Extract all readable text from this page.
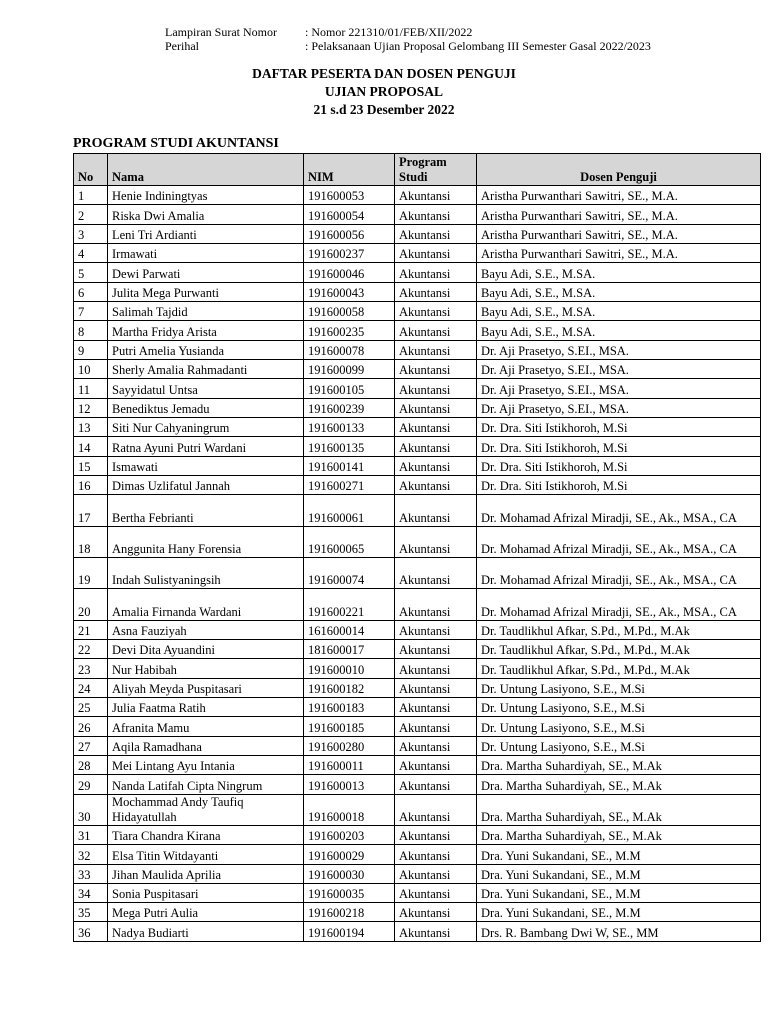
Lampiran Surat Nomor	: Nomor 221310/01/FEB/XII/2022
Perihal	: Pelaksanaan Ujian Proposal Gelombang III Semester Gasal 2022/2023
DAFTAR PESERTA DAN DOSEN PENGUJI
UJIAN PROPOSAL
21 s.d 23 Desember 2022
PROGRAM STUDI AKUNTANSI
No	Nama	NIM	Program Studi	Dosen Penguji
1	Henie Indiningtyas	191600053	Akuntansi	Aristha Purwanthari Sawitri, SE., M.A.
2	Riska Dwi Amalia	191600054	Akuntansi	Aristha Purwanthari Sawitri, SE., M.A.
3	Leni Tri Ardianti	191600056	Akuntansi	Aristha Purwanthari Sawitri, SE., M.A.
4	Irmawati	191600237	Akuntansi	Aristha Purwanthari Sawitri, SE., M.A.
5	Dewi Parwati	191600046	Akuntansi	Bayu Adi, S.E., M.SA.
6	Julita Mega Purwanti	191600043	Akuntansi	Bayu Adi, S.E., M.SA.
7	Salimah Tajdid	191600058	Akuntansi	Bayu Adi, S.E., M.SA.
8	Martha Fridya Arista	191600235	Akuntansi	Bayu Adi, S.E., M.SA.
9	Putri Amelia Yusianda	191600078	Akuntansi	Dr. Aji Prasetyo, S.EI., MSA.
10	Sherly Amalia Rahmadanti	191600099	Akuntansi	Dr. Aji Prasetyo, S.EI., MSA.
11	Sayyidatul Untsa	191600105	Akuntansi	Dr. Aji Prasetyo, S.EI., MSA.
12	Benediktus Jemadu	191600239	Akuntansi	Dr. Aji Prasetyo, S.EI., MSA.
13	Siti Nur Cahyaningrum	191600133	Akuntansi	Dr. Dra. Siti Istikhoroh, M.Si
14	Ratna Ayuni Putri Wardani	191600135	Akuntansi	Dr. Dra. Siti Istikhoroh, M.Si
15	Ismawati	191600141	Akuntansi	Dr. Dra. Siti Istikhoroh, M.Si
16	Dimas Uzlifatul Jannah	191600271	Akuntansi	Dr. Dra. Siti Istikhoroh, M.Si
17	Bertha Febrianti	191600061	Akuntansi	Dr. Mohamad Afrizal Miradji, SE., Ak., MSA., CA
18	Anggunita Hany Forensia	191600065	Akuntansi	Dr. Mohamad Afrizal Miradji, SE., Ak., MSA., CA
19	Indah Sulistyaningsih	191600074	Akuntansi	Dr. Mohamad Afrizal Miradji, SE., Ak., MSA., CA
20	Amalia Firnanda Wardani	191600221	Akuntansi	Dr. Mohamad Afrizal Miradji, SE., Ak., MSA., CA
21	Asna Fauziyah	161600014	Akuntansi	Dr. Taudlikhul Afkar, S.Pd., M.Pd., M.Ak
22	Devi Dita Ayuandini	181600017	Akuntansi	Dr. Taudlikhul Afkar, S.Pd., M.Pd., M.Ak
23	Nur Habibah	191600010	Akuntansi	Dr. Taudlikhul Afkar, S.Pd., M.Pd., M.Ak
24	Aliyah Meyda Puspitasari	191600182	Akuntansi	Dr. Untung Lasiyono, S.E., M.Si
25	Julia Faatma Ratih	191600183	Akuntansi	Dr. Untung Lasiyono, S.E., M.Si
26	Afranita Mamu	191600185	Akuntansi	Dr. Untung Lasiyono, S.E., M.Si
27	Aqila Ramadhana	191600280	Akuntansi	Dr. Untung Lasiyono, S.E., M.Si
28	Mei Lintang Ayu Intania	191600011	Akuntansi	Dra. Martha Suhardiyah, SE., M.Ak
29	Nanda Latifah Cipta Ningrum	191600013	Akuntansi	Dra. Martha Suhardiyah, SE., M.Ak
30	Mochammad Andy Taufiq Hidayatullah	191600018	Akuntansi	Dra. Martha Suhardiyah, SE., M.Ak
31	Tiara Chandra Kirana	191600203	Akuntansi	Dra. Martha Suhardiyah, SE., M.Ak
32	Elsa Titin Witdayanti	191600029	Akuntansi	Dra. Yuni Sukandani, SE., M.M
33	Jihan Maulida Aprilia	191600030	Akuntansi	Dra. Yuni Sukandani, SE., M.M
34	Sonia Puspitasari	191600035	Akuntansi	Dra. Yuni Sukandani, SE., M.M
35	Mega Putri Aulia	191600218	Akuntansi	Dra. Yuni Sukandani, SE., M.M
36	Nadya Budiarti	191600194	Akuntansi	Drs. R. Bambang Dwi W, SE., MM
